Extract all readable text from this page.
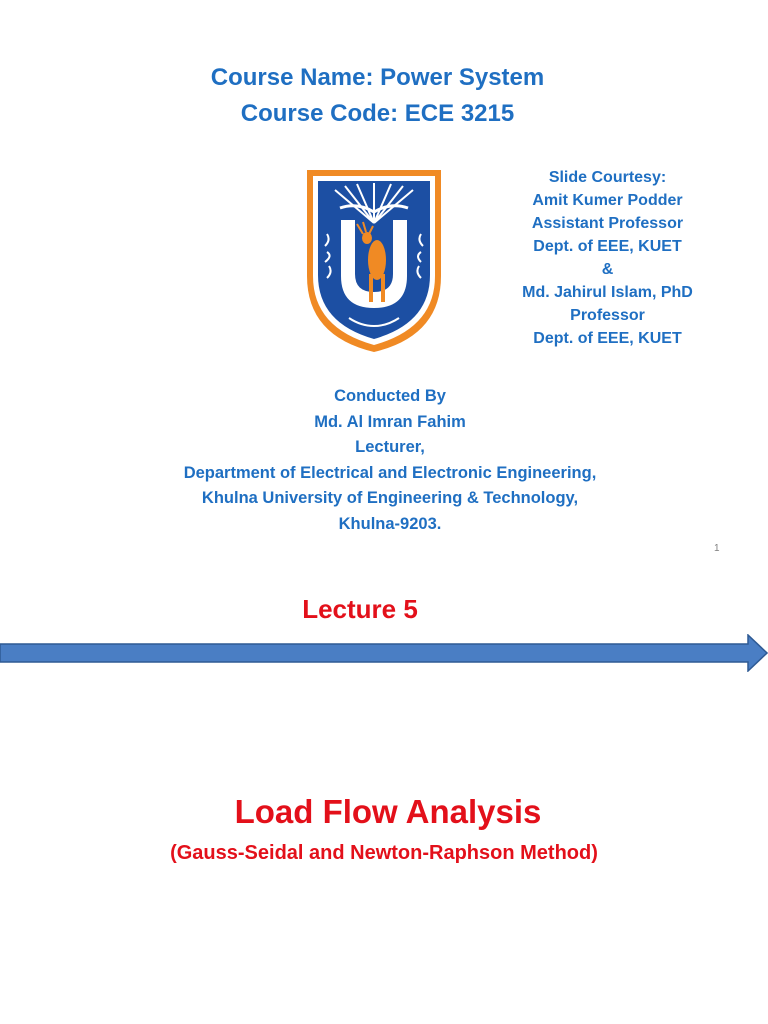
Course Name: Power System
Course Code: ECE 3215
Slide Courtesy:
Amit Kumer Podder
Assistant Professor
Dept. of EEE, KUET
&
Md. Jahirul Islam, PhD
Professor
Dept. of EEE, KUET
Conducted By
Md. Al Imran Fahim
Lecturer,
Department of Electrical and Electronic Engineering,
Khulna University of Engineering & Technology,
Khulna-9203.
1
Lecture 5
Load Flow Analysis
(Gauss-Seidal and Newton-Raphson Method)
